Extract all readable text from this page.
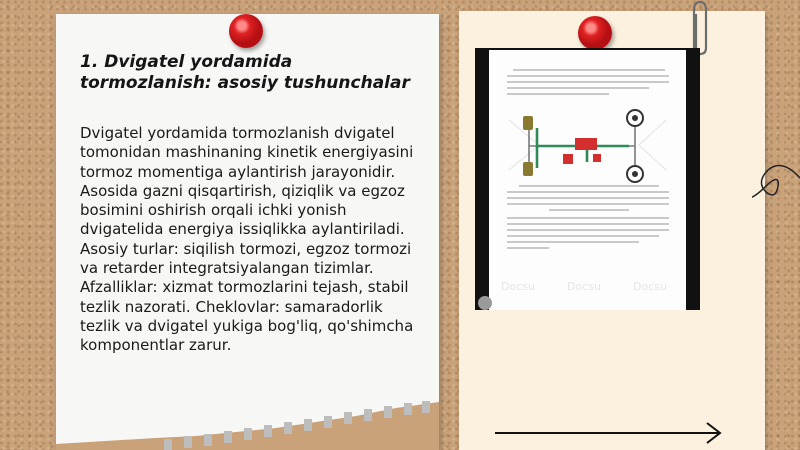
1. Dvigatel yordamida tormozlanish: asosiy tushunchalar

Dvigatel yordamida tormozlanish dvigatel tomonidan mashinaning kinetik energiyasini tormoz momentiga aylantirish jarayonidir. Asosida gazni qisqartirish, qiziqlik va egzoz bosimini oshirish orqali ichki yonish dvigatelida energiya issiqlikka aylantiriladi. Asosiy turlar: siqilish tormozi, egzoz tormozi va retarder integratsiyalangan tizimlar. Afzalliklar: xizmat tormozlarini tejash, stabil tezlik nazorati. Cheklovlar: samaradorlik tezlik va dvigatel yukiga bog'liq, qo'shimcha komponentlar zarur.

Docsu	Docsu	Docsu
